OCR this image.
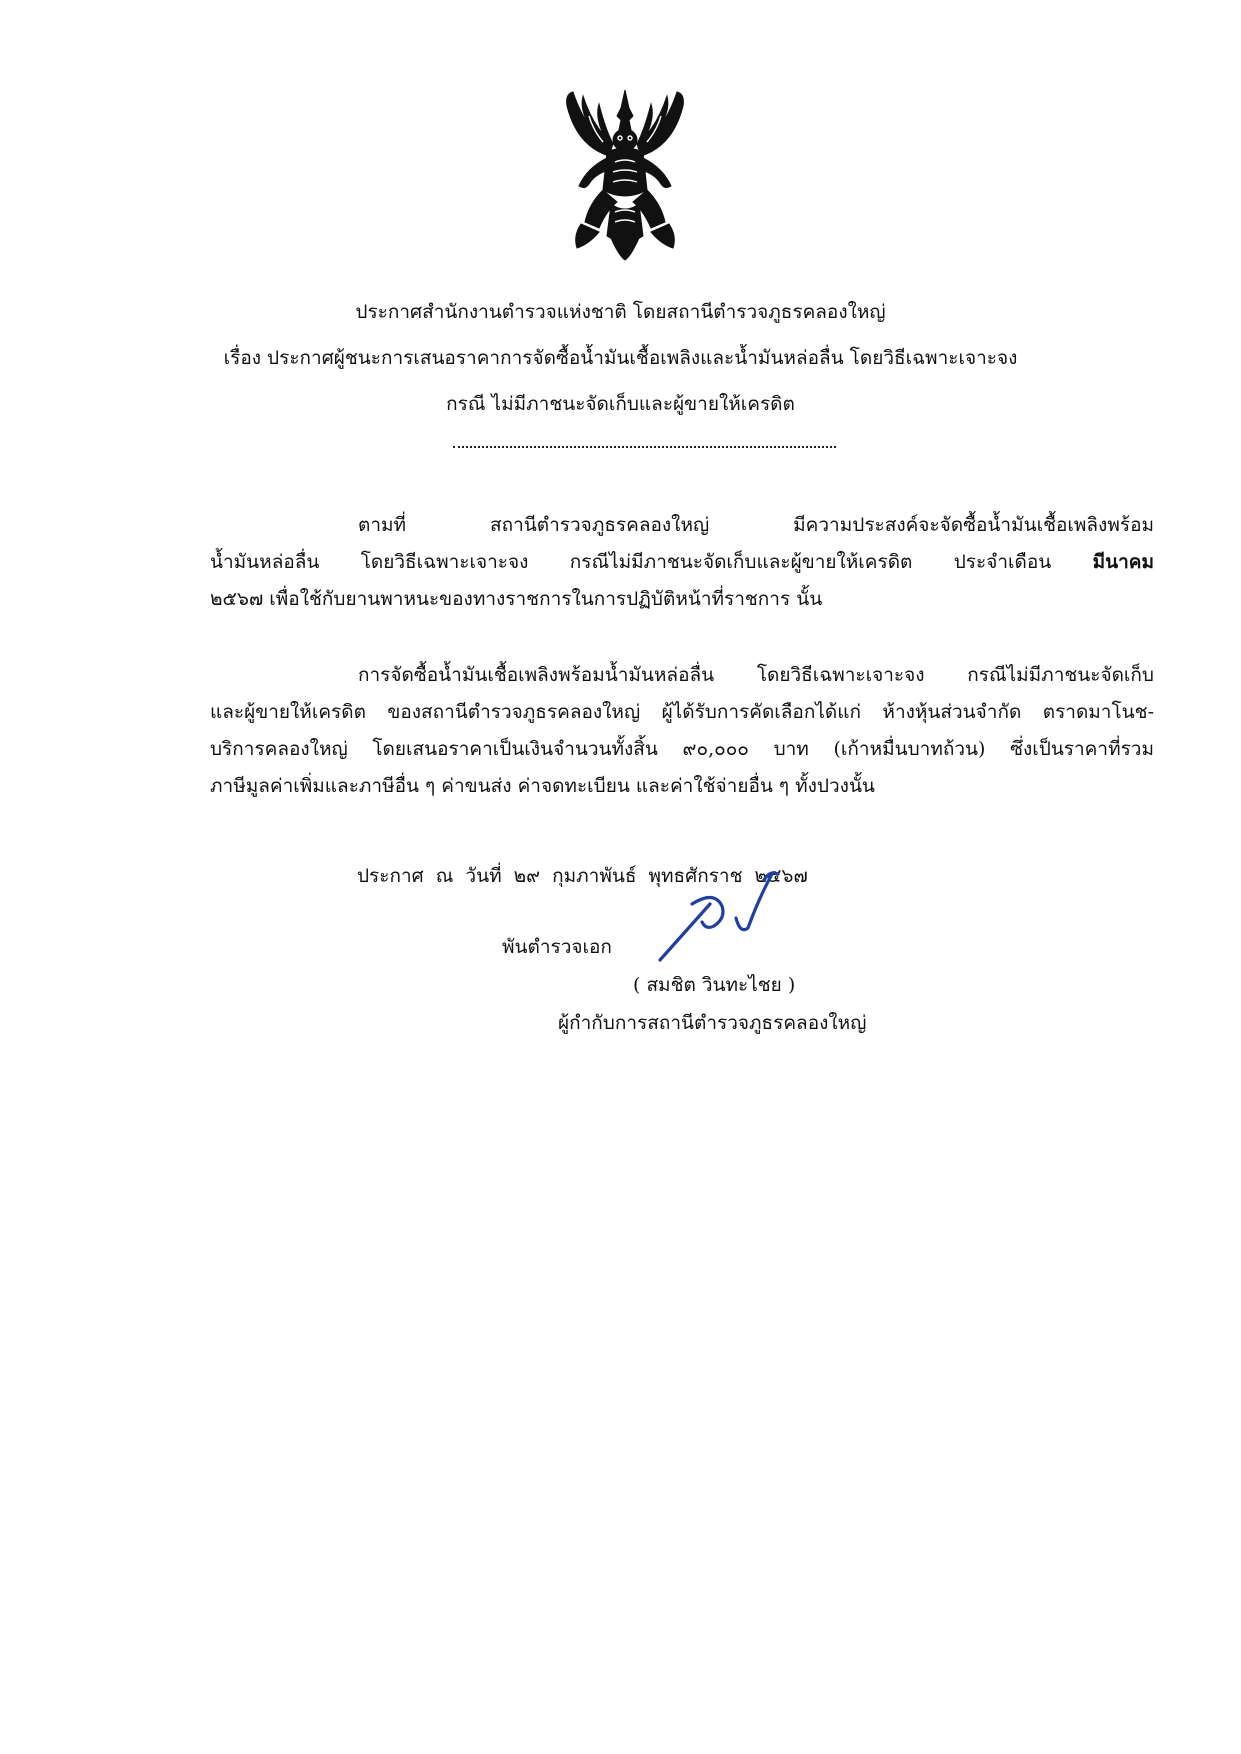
ประกาศสำนักงานตำรวจแห่งชาติ โดยสถานีตำรวจภูธรคลองใหญ่
เรื่อง ประกาศผู้ชนะการเสนอราคาการจัดซื้อน้ำมันเชื้อเพลิงและน้ำมันหล่อลื่น โดยวิธีเฉพาะเจาะจง
กรณี ไม่มีภาชนะจัดเก็บและผู้ขายให้เครดิต
ตามที่ สถานีตำรวจภูธรคลองใหญ่ มีความประสงค์จะจัดซื้อน้ำมันเชื้อเพลิงพร้อม
น้ำมันหล่อลื่น โดยวิธีเฉพาะเจาะจง กรณีไม่มีภาชนะจัดเก็บและผู้ขายให้เครดิต ประจำเดือน มีนาคม
๒๕๖๗ เพื่อใช้กับยานพาหนะของทางราชการในการปฏิบัติหน้าที่ราชการ นั้น
การจัดซื้อน้ำมันเชื้อเพลิงพร้อมน้ำมันหล่อลื่น โดยวิธีเฉพาะเจาะจง กรณีไม่มีภาชนะจัดเก็บ
และผู้ขายให้เครดิต ของสถานีตำรวจภูธรคลองใหญ่ ผู้ได้รับการคัดเลือกได้แก่ ห้างหุ้นส่วนจำกัด ตราดมาโนช-
บริการคลองใหญ่ โดยเสนอราคาเป็นเงินจำนวนทั้งสิ้น ๙๐,๐๐๐ บาท (เก้าหมื่นบาทถ้วน) ซึ่งเป็นราคาที่รวม
ภาษีมูลค่าเพิ่มและภาษีอื่น ๆ ค่าขนส่ง ค่าจดทะเบียน และค่าใช้จ่ายอื่น ๆ ทั้งปวงนั้น
ประกาศ ณ วันที่ ๒๙ กุมภาพันธ์ พุทธศักราช ๒๕๖๗
พันตำรวจเอก
( สมชิต วินทะไชย )
ผู้กำกับการสถานีตำรวจภูธรคลองใหญ่
